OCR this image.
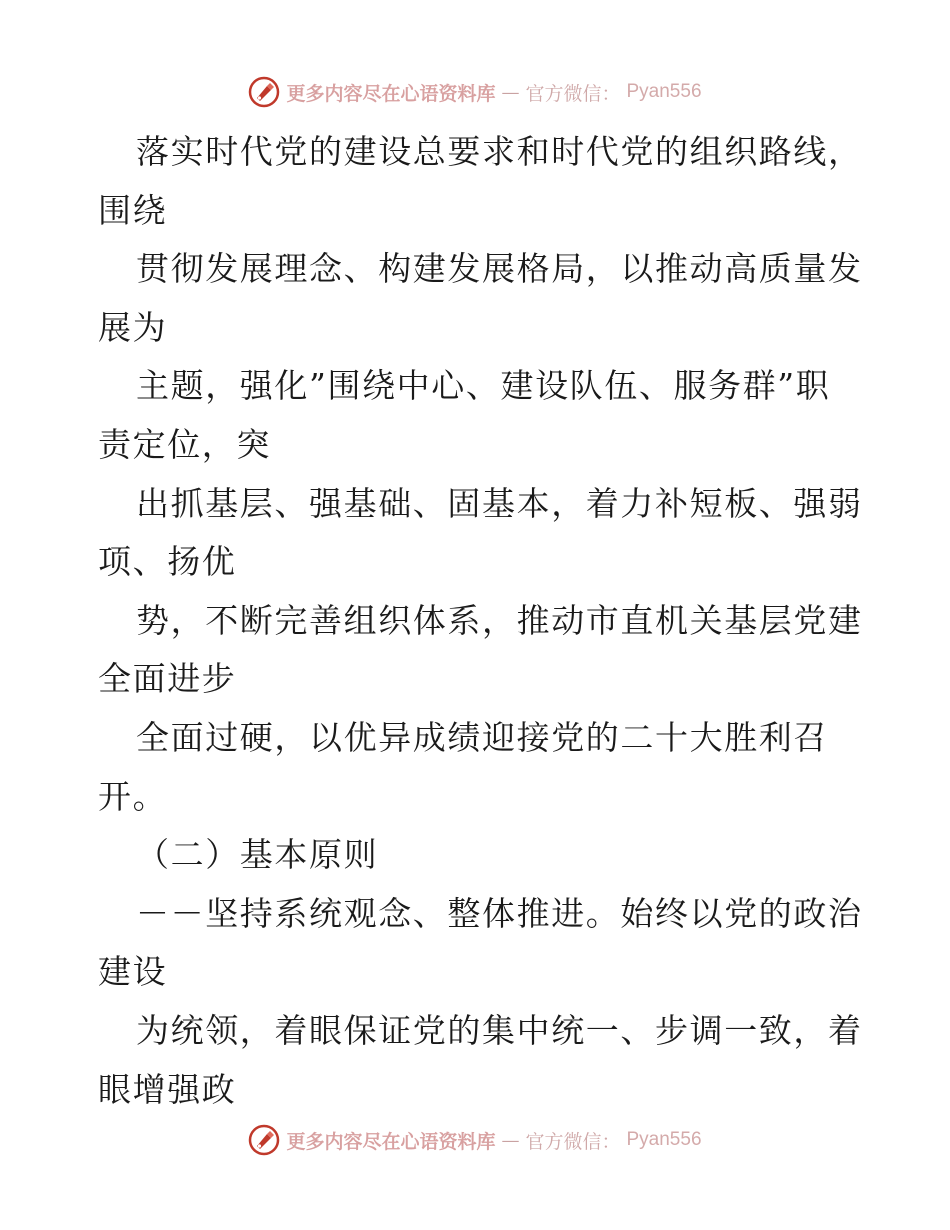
更多内容尽在心语资料库 — 官方微信： Pyan556
落实时代党的建设总要求和时代党的组织路线，
围绕
贯彻发展理念、构建发展格局，以推动高质量发
展为
主题，强化”围绕中心、建设队伍、服务群”职
责定位，突
出抓基层、强基础、固基本，着力补短板、强弱
项、扬优
势，不断完善组织体系，推动市直机关基层党建
全面进步
全面过硬，以优异成绩迎接党的二十大胜利召
开。
（二）基本原则
－－坚持系统观念、整体推进。始终以党的政治
建设
为统领，着眼保证党的集中统一、步调一致，着
眼增强政
更多内容尽在心语资料库 — 官方微信： Pyan556
